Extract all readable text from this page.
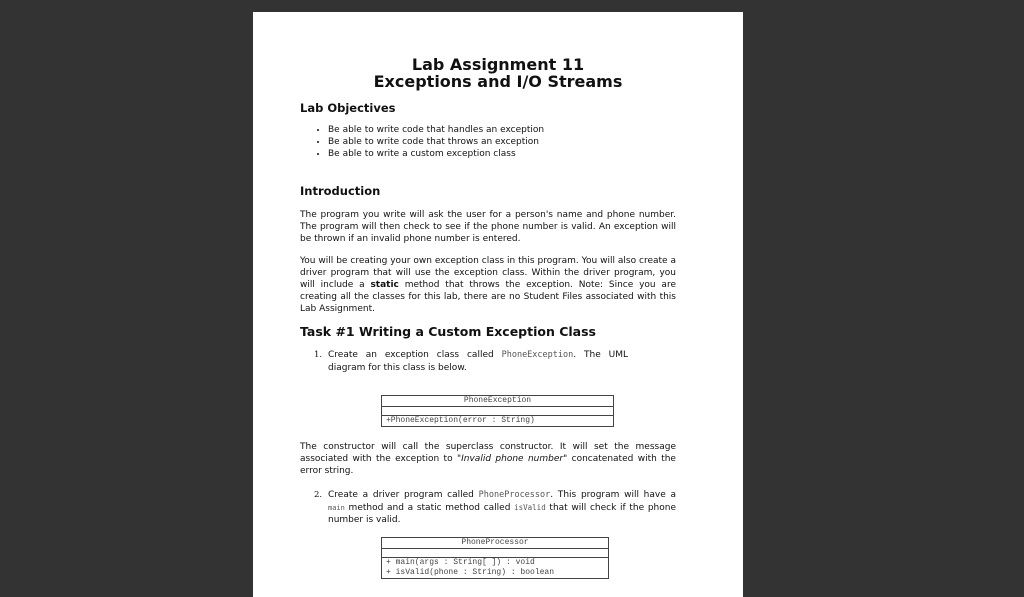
Lab Assignment 11
Exceptions and I/O Streams
Lab Objectives
• Be able to write code that handles an exception
• Be able to write code that throws an exception
• Be able to write a custom exception class
Introduction
The program you write will ask the user for a person's name and phone number. The program will then check to see if the phone number is valid. An exception will be thrown if an invalid phone number is entered.
You will be creating your own exception class in this program. You will also create a driver program that will use the exception class. Within the driver program, you will include a static method that throws the exception. Note: Since you are creating all the classes for this lab, there are no Student Files associated with this Lab Assignment.
Task #1 Writing a Custom Exception Class
1. Create an exception class called PhoneException. The UML diagram for this class is below.
PhoneException
+PhoneException(error : String)
The constructor will call the superclass constructor. It will set the message associated with the exception to "Invalid phone number" concatenated with the error string.
2. Create a driver program called PhoneProcessor. This program will have a main method and a static method called isValid that will check if the phone number is valid.
PhoneProcessor
+ main(args : String[ ]) : void
+ isValid(phone : String) : boolean
